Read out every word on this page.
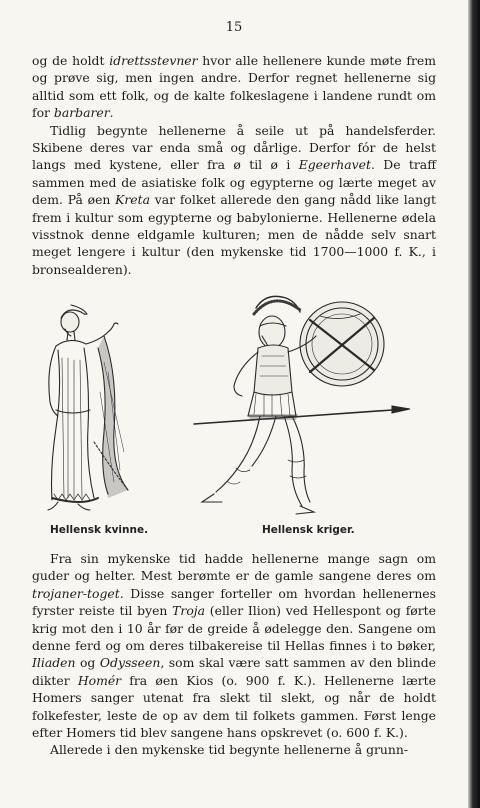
15

og de holdt idrettsstevner hvor alle hellenere kunde møte frem og prøve sig, men ingen andre. Derfor regnet hellenerne sig alltid som ett folk, og de kalte folkeslagene i landene rundt om for barbarer.

Tidlig begynte hellenerne å seile ut på handelsferder. Skibene deres var enda små og dårlige. Derfor fór de helst langs med kystene, eller fra ø til ø i Egeerhavet. De traff sammen med de asiatiske folk og egypterne og lærte meget av dem. På øen Kreta var folket allerede den gang nådd like langt frem i kultur som egypterne og babylonierne. Hellenerne ødela visstnok denne eldgamle kulturen; men de nådde selv snart meget lengere i kultur (den mykenske tid 1700—1000 f. K., i bronsealderen).

Hellensk kvinne.	Hellensk kriger.

Fra sin mykenske tid hadde hellenerne mange sagn om guder og helter. Mest berømte er de gamle sangene deres om trojaner-toget. Disse sanger forteller om hvordan hellenernes fyrster reiste til byen Troja (eller Ilion) ved Hellespont og førte krig mot den i 10 år før de greide å ødelegge den. Sangene om denne ferd og om deres tilbakereise til Hellas finnes i to bøker, Iliaden og Odysseen, som skal være satt sammen av den blinde dikter Homér fra øen Kios (o. 900 f. K.). Hellenerne lærte Homers sanger utenat fra slekt til slekt, og når de holdt folkefester, leste de op av dem til folkets gammen. Først lenge efter Homers tid blev sangene hans opskrevet (o. 600 f. K.).

Allerede i den mykenske tid begynte hellenerne å grunn-
